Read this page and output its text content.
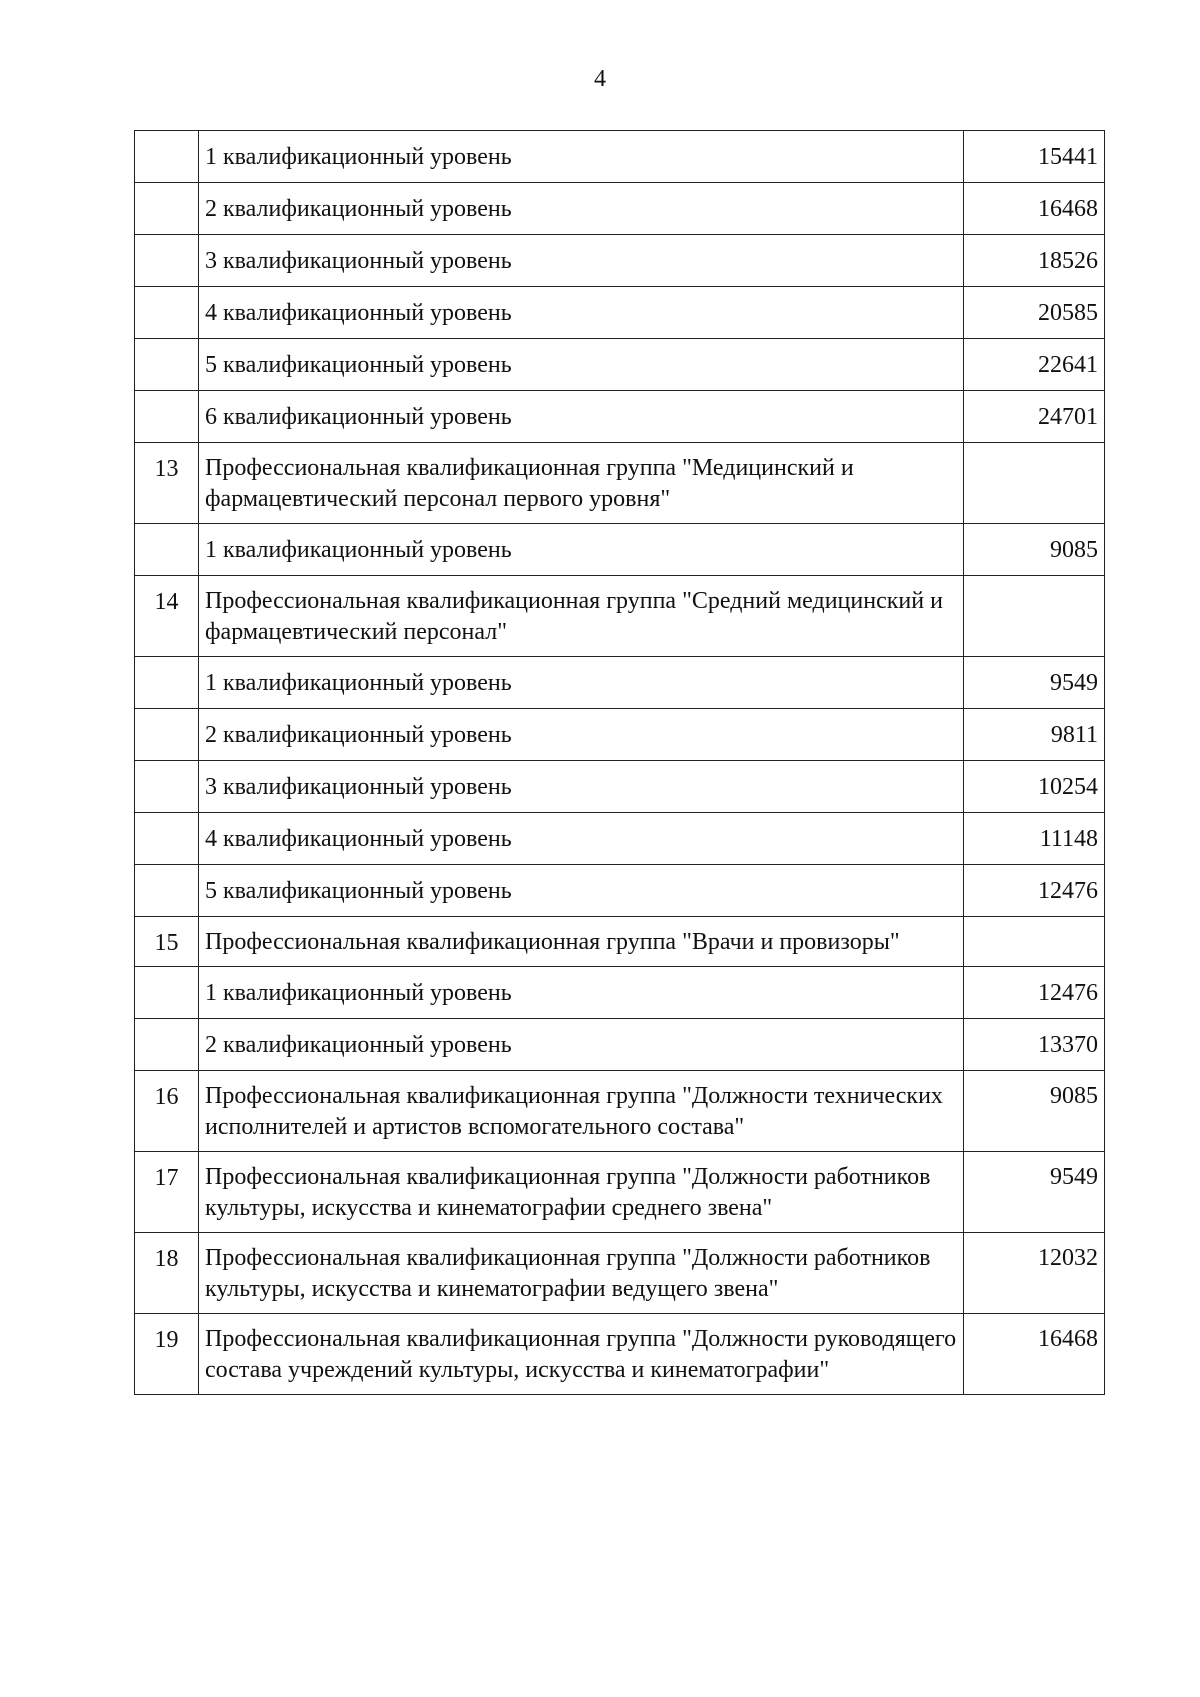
4
	1 квалификационный уровень	15441
	2 квалификационный уровень	16468
	3 квалификационный уровень	18526
	4 квалификационный уровень	20585
	5 квалификационный уровень	22641
	6 квалификационный уровень	24701
13	Профессиональная квалификационная группа "Медицинский и фармацевтический персонал первого уровня"	
	1 квалификационный уровень	9085
14	Профессиональная квалификационная группа "Средний медицинский и фармацевтический персонал"	
	1 квалификационный уровень	9549
	2 квалификационный уровень	9811
	3 квалификационный уровень	10254
	4 квалификационный уровень	11148
	5 квалификационный уровень	12476
15	Профессиональная квалификационная группа "Врачи и провизоры"	
	1 квалификационный уровень	12476
	2 квалификационный уровень	13370
16	Профессиональная квалификационная группа "Должности технических исполнителей и артистов вспомогательного состава"	9085
17	Профессиональная квалификационная группа "Должности работников культуры, искусства и кинематографии среднего звена"	9549
18	Профессиональная квалификационная группа "Должности работников культуры, искусства и кинематографии ведущего звена"	12032
19	Профессиональная квалификационная группа "Должности руководящего состава учреждений культуры, искусства и кинематографии"	16468
